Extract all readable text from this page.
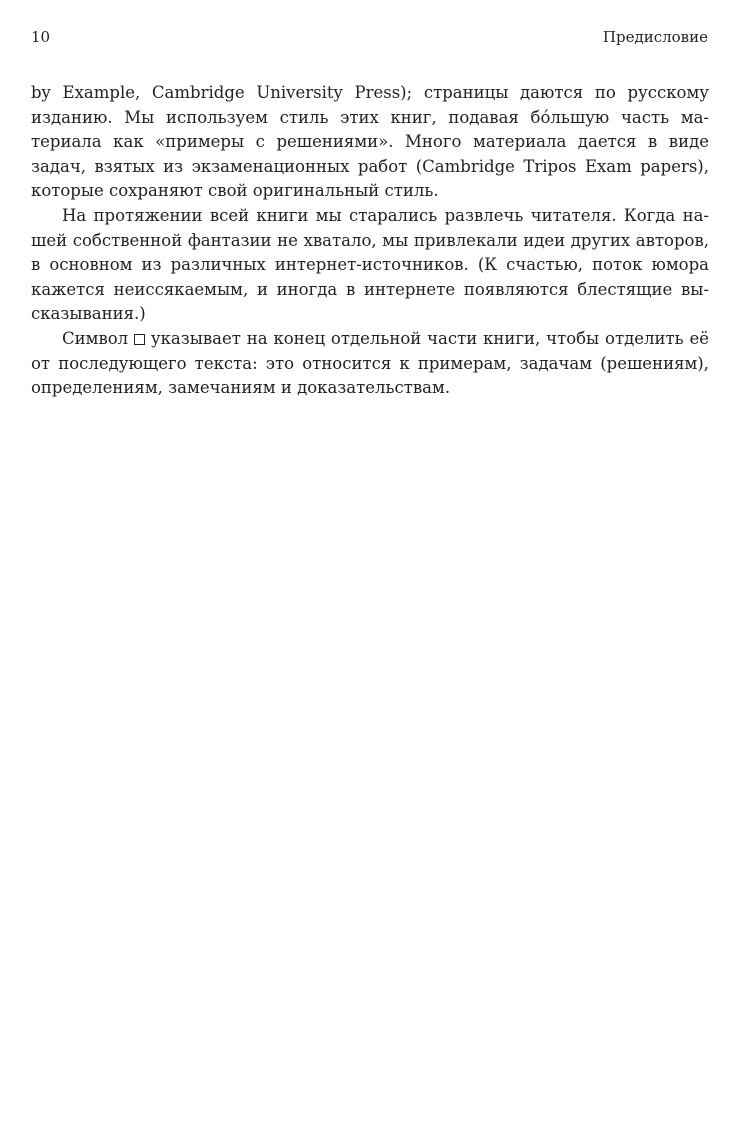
10	Предисловие

by Example, Cambridge University Press); страницы даются по русскому

изданию. Мы используем стиль этих книг, подавая бо́льшую часть ма-

териала как «примеры с решениями». Много материала дается в виде

задач, взятых из экзаменационных работ (Cambridge Tripos Exam papers),

которые сохраняют свой оригинальный стиль.

На протяжении всей книги мы старались развлечь читателя. Когда на-

шей собственной фантазии не хватало, мы привлекали идеи других авторов,

в основном из различных интернет-источников. (К счастью, поток юмора

кажется неиссякаемым, и иногда в интернете появляются блестящие вы-

сказывания.)

Символ указывает на конец отдельной части книги, чтобы отделить её

от последующего текста: это относится к примерам, задачам (решениям),

определениям, замечаниям и доказательствам.
